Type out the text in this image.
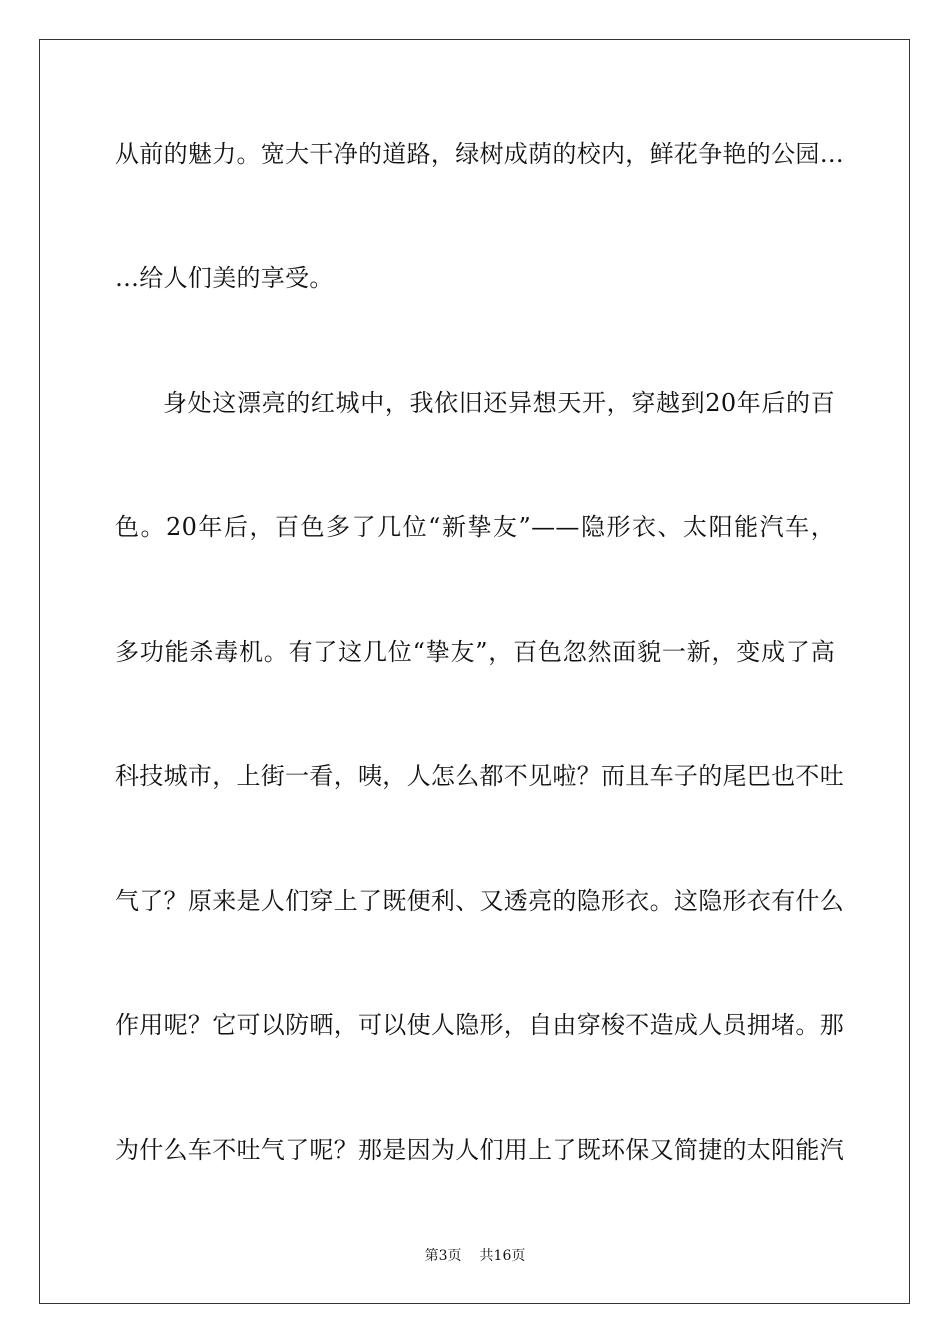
从前的魅力。宽大干净的道路，绿树成荫的校内，鲜花争艳的公园…
…给人们美的享受。
身处这漂亮的红城中，我依旧还异想天开，穿越到20年后的百
色。20年后，百色多了几位“新挚友”——隐形衣、太阳能汽车，
多功能杀毒机。有了这几位“挚友”，百色忽然面貌一新，变成了高
科技城市，上街一看，咦，人怎么都不见啦？而且车子的尾巴也不吐
气了？原来是人们穿上了既便利、又透亮的隐形衣。这隐形衣有什么
作用呢？它可以防晒，可以使人隐形，自由穿梭不造成人员拥堵。那
为什么车不吐气了呢？那是因为人们用上了既环保又简捷的太阳能汽
第3页 共16页
